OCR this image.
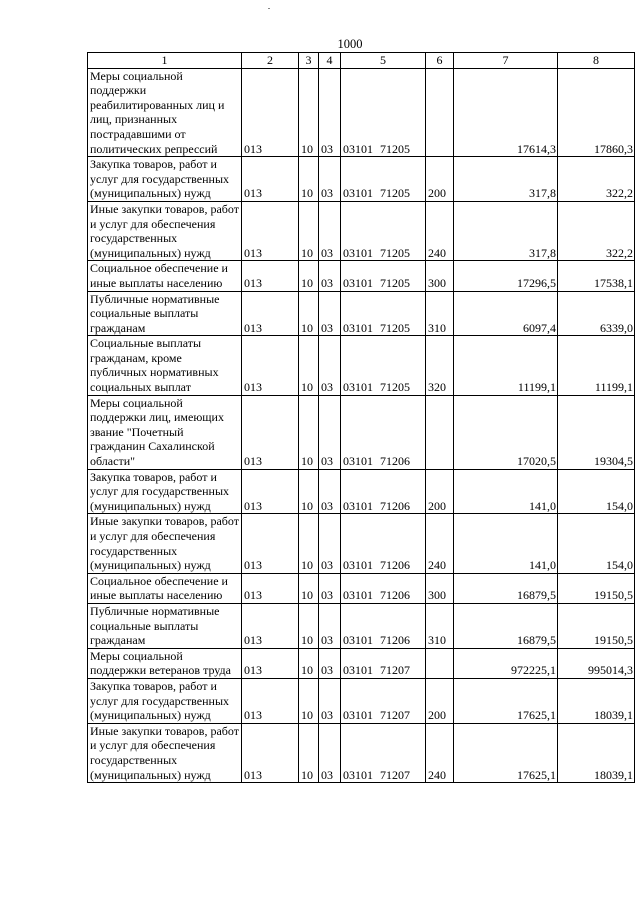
1000
1	2	3	4	5	6	7	8
Меры социальной поддержки реабилитированных лиц и лиц, признанных пострадавшими от политических репрессий	013	10	03	03101 71205		17614,3	17860,3
Закупка товаров, работ и услуг для государственных (муниципальных) нужд	013	10	03	03101 71205	200	317,8	322,2
Иные закупки товаров, работ и услуг для обеспечения государственных (муниципальных) нужд	013	10	03	03101 71205	240	317,8	322,2
Социальное обеспечение и иные выплаты населению	013	10	03	03101 71205	300	17296,5	17538,1
Публичные нормативные социальные выплаты гражданам	013	10	03	03101 71205	310	6097,4	6339,0
Социальные выплаты гражданам, кроме публичных нормативных социальных выплат	013	10	03	03101 71205	320	11199,1	11199,1
Меры социальной поддержки лиц, имеющих звание "Почетный гражданин Сахалинской области"	013	10	03	03101 71206		17020,5	19304,5
Закупка товаров, работ и услуг для государственных (муниципальных) нужд	013	10	03	03101 71206	200	141,0	154,0
Иные закупки товаров, работ и услуг для обеспечения государственных (муниципальных) нужд	013	10	03	03101 71206	240	141,0	154,0
Социальное обеспечение и иные выплаты населению	013	10	03	03101 71206	300	16879,5	19150,5
Публичные нормативные социальные выплаты гражданам	013	10	03	03101 71206	310	16879,5	19150,5
Меры социальной поддержки ветеранов труда	013	10	03	03101 71207		972225,1	995014,3
Закупка товаров, работ и услуг для государственных (муниципальных) нужд	013	10	03	03101 71207	200	17625,1	18039,1
Иные закупки товаров, работ и услуг для обеспечения государственных (муниципальных) нужд	013	10	03	03101 71207	240	17625,1	18039,1
